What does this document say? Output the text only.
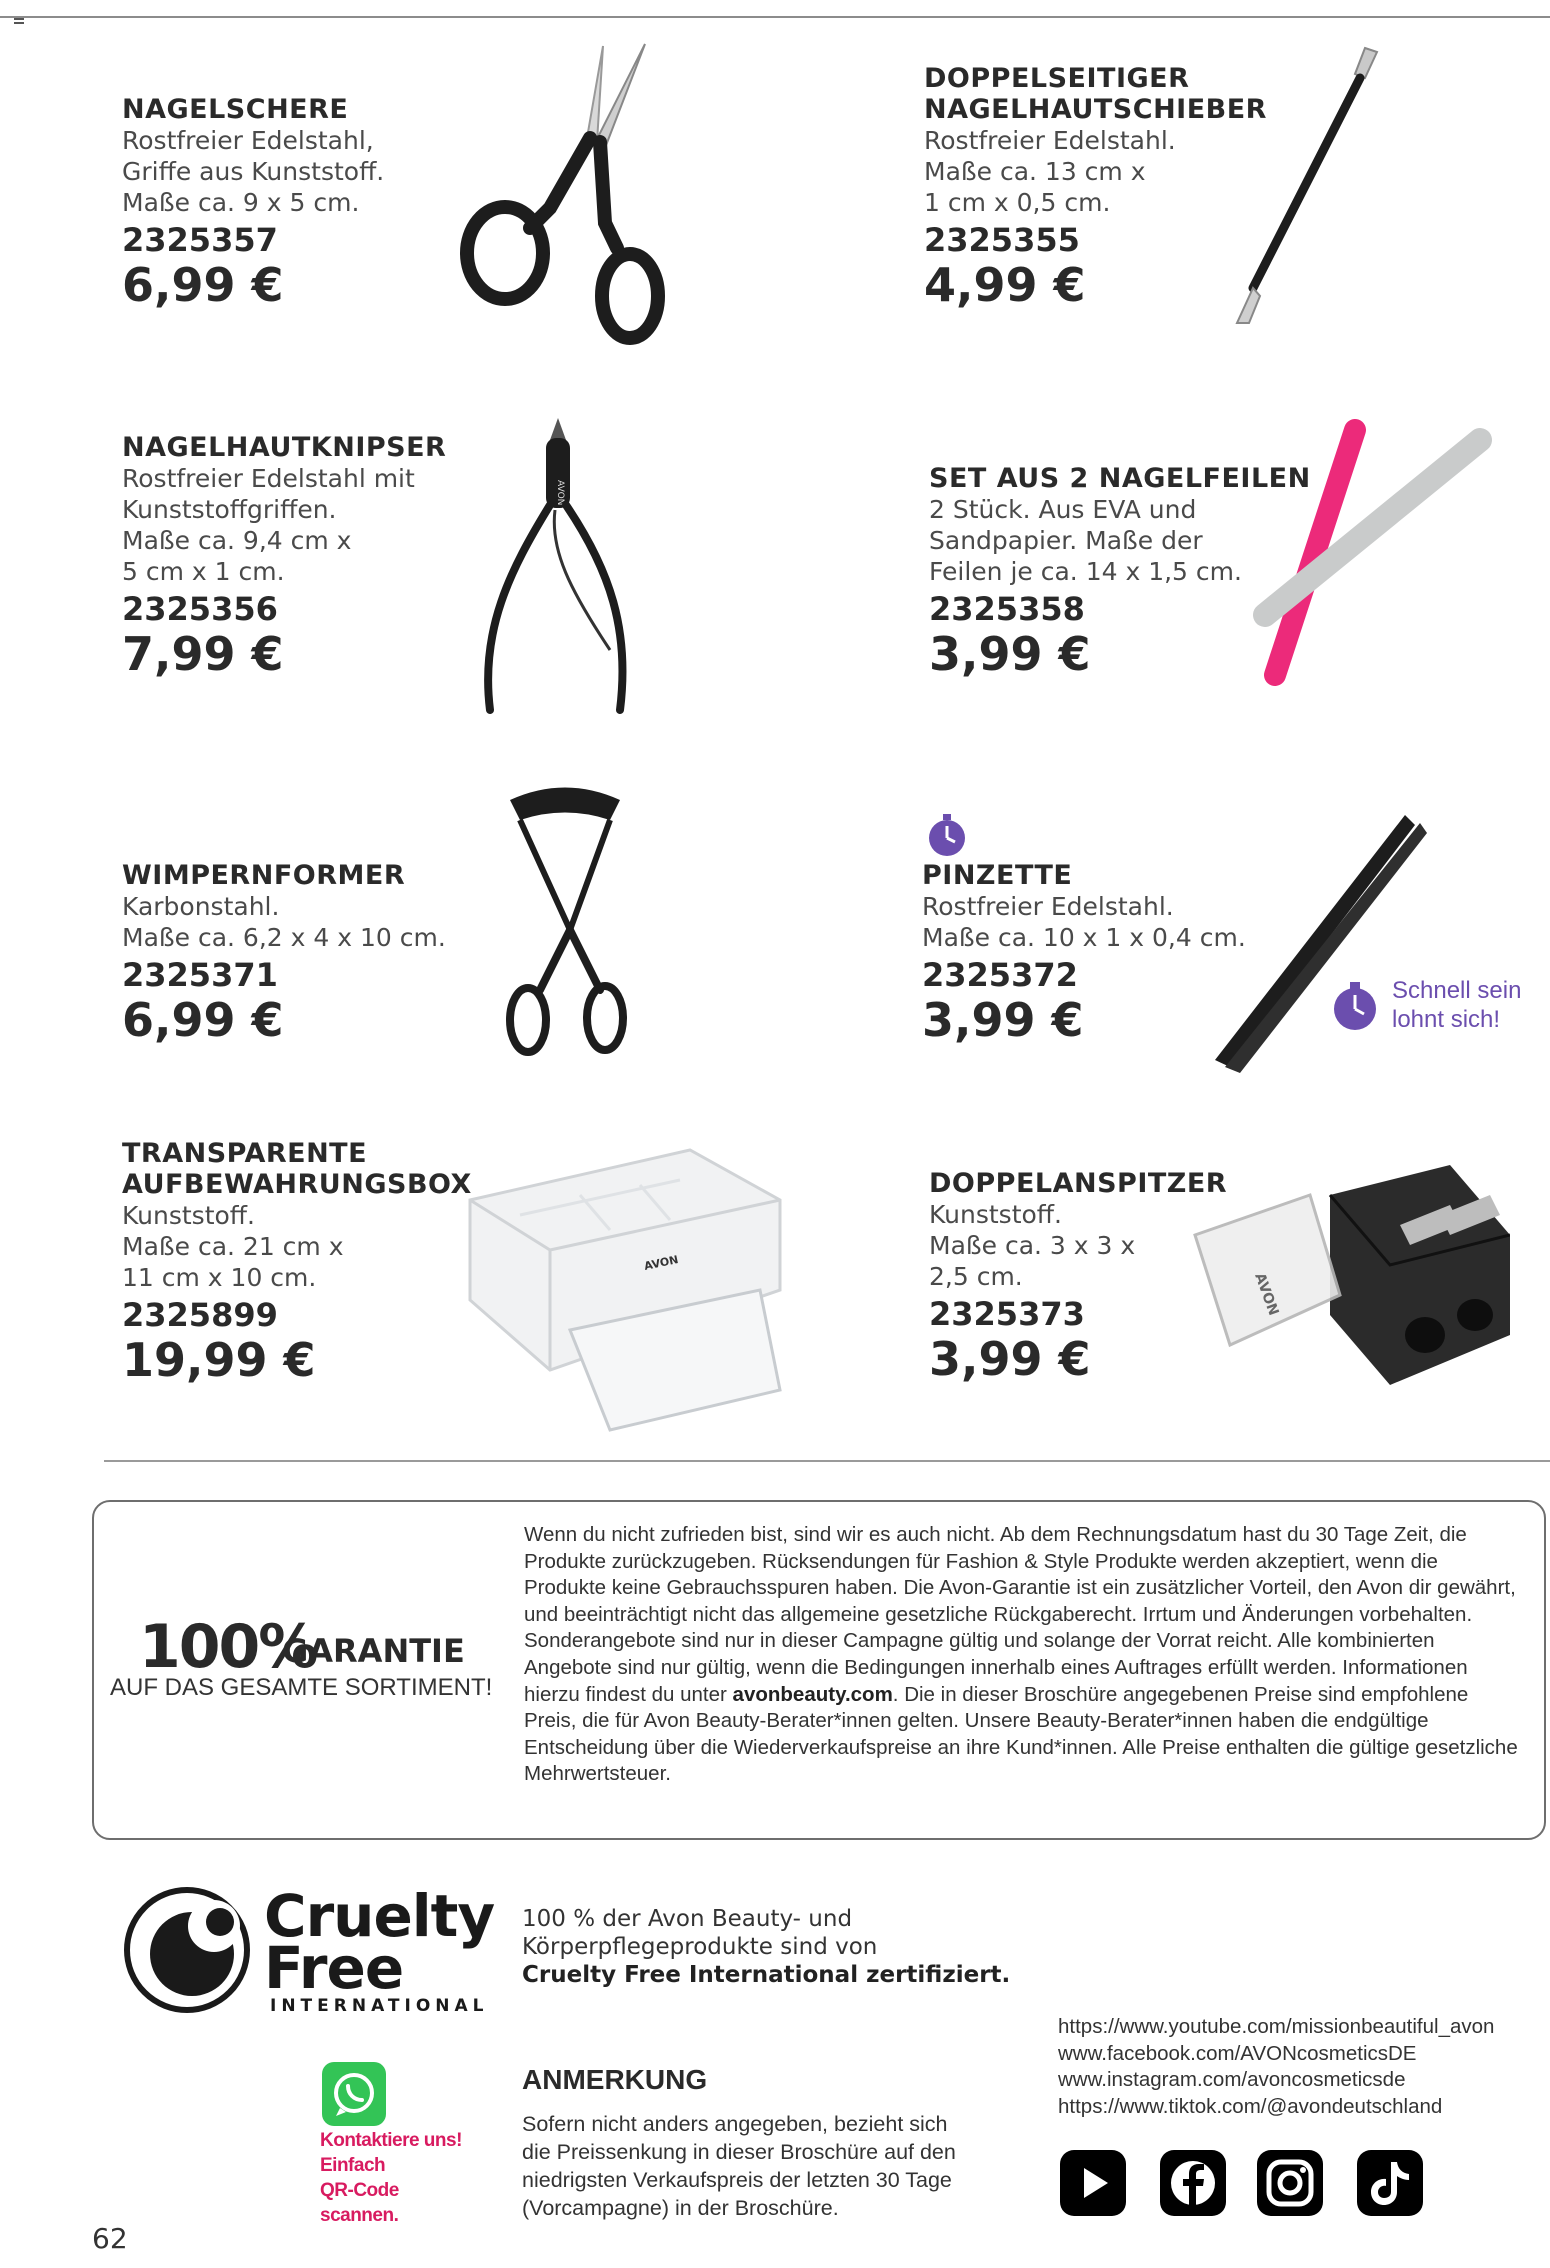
NAGELSCHERE
Rostfreier Edelstahl,
Griffe aus Kunststoff.
Maße ca. 9 x 5 cm.
2325357
6,99 €
DOPPELSEITIGER
NAGELHAUTSCHIEBER
Rostfreier Edelstahl.
Maße ca. 13 cm x
1 cm x 0,5 cm.
2325355
4,99 €
NAGELHAUTKNIPSER
Rostfreier Edelstahl mit
Kunststoffgriffen.
Maße ca. 9,4 cm x
5 cm x 1 cm.
2325356
7,99 €
AVON	SET AUS 2 NAGELFEILEN
2 Stück. Aus EVA und
Sandpapier. Maße der
Feilen je ca. 14 x 1,5 cm.
2325358
3,99 €
WIMPERNFORMER
Karbonstahl.
Maße ca. 6,2 x 4 x 10 cm.
2325371
6,99 €
PINZETTE
Rostfreier Edelstahl.
Maße ca. 10 x 1 x 0,4 cm.
2325372
3,99 €
Schnell sein
lohnt sich!
TRANSPARENTE
AUFBEWAHRUNGSBOX
Kunststoff.
Maße ca. 21 cm x
11 cm x 10 cm.
2325899
19,99 €
AVON
DOPPELANSPITZER
Kunststoff.
Maße ca. 3 x 3 x
2,5 cm.
2325373
3,99 €
AVON
100%
GARANTIE
AUF DAS GESAMTE SORTIMENT!
Wenn du nicht zufrieden bist, sind wir es auch nicht. Ab dem Rechnungsdatum hast du 30 Tage Zeit, die Produkte zurückzugeben. Rücksendungen für Fashion & Style Produkte werden akzeptiert, wenn die Produkte keine Gebrauchsspuren haben. Die Avon-Garantie ist ein zusätzlicher Vorteil, den Avon dir gewährt, und beeinträchtigt nicht das allgemeine gesetzliche Rückgaberecht. Irrtum und Änderungen vorbehalten. Sonderangebote sind nur in dieser Campagne gültig und solange der Vorrat reicht. Alle kombinierten Angebote sind nur gültig, wenn die Bedingungen innerhalb eines Auftrages erfüllt werden. Informationen hierzu findest du unter avonbeauty.com. Die in dieser Broschüre angegebenen Preise sind empfohlene Preis, die für Avon Beauty-Berater*innen gelten. Unsere Beauty-Berater*innen haben die endgültige Entscheidung über die Wiederverkaufspreise an ihre Kund*innen. Alle Preise enthalten die gültige gesetzliche Mehrwertsteuer.
Cruelty
Free
INTERNATIONAL
100 % der Avon Beauty- und
Körperpflegeprodukte sind von
Cruelty Free International zertifiziert.
Kontaktiere uns!
Einfach
QR-Code
scannen.
ANMERKUNG
Sofern nicht anders angegeben, bezieht sich die Preissenkung in dieser Broschüre auf den niedrigsten Verkaufspreis der letzten 30 Tage (Vorcampagne) in der Broschüre.
https://www.youtube.com/missionbeautiful_avon
www.facebook.com/AVONcosmeticsDE
www.instagram.com/avoncosmeticsde
https://www.tiktok.com/@avondeutschland
62
